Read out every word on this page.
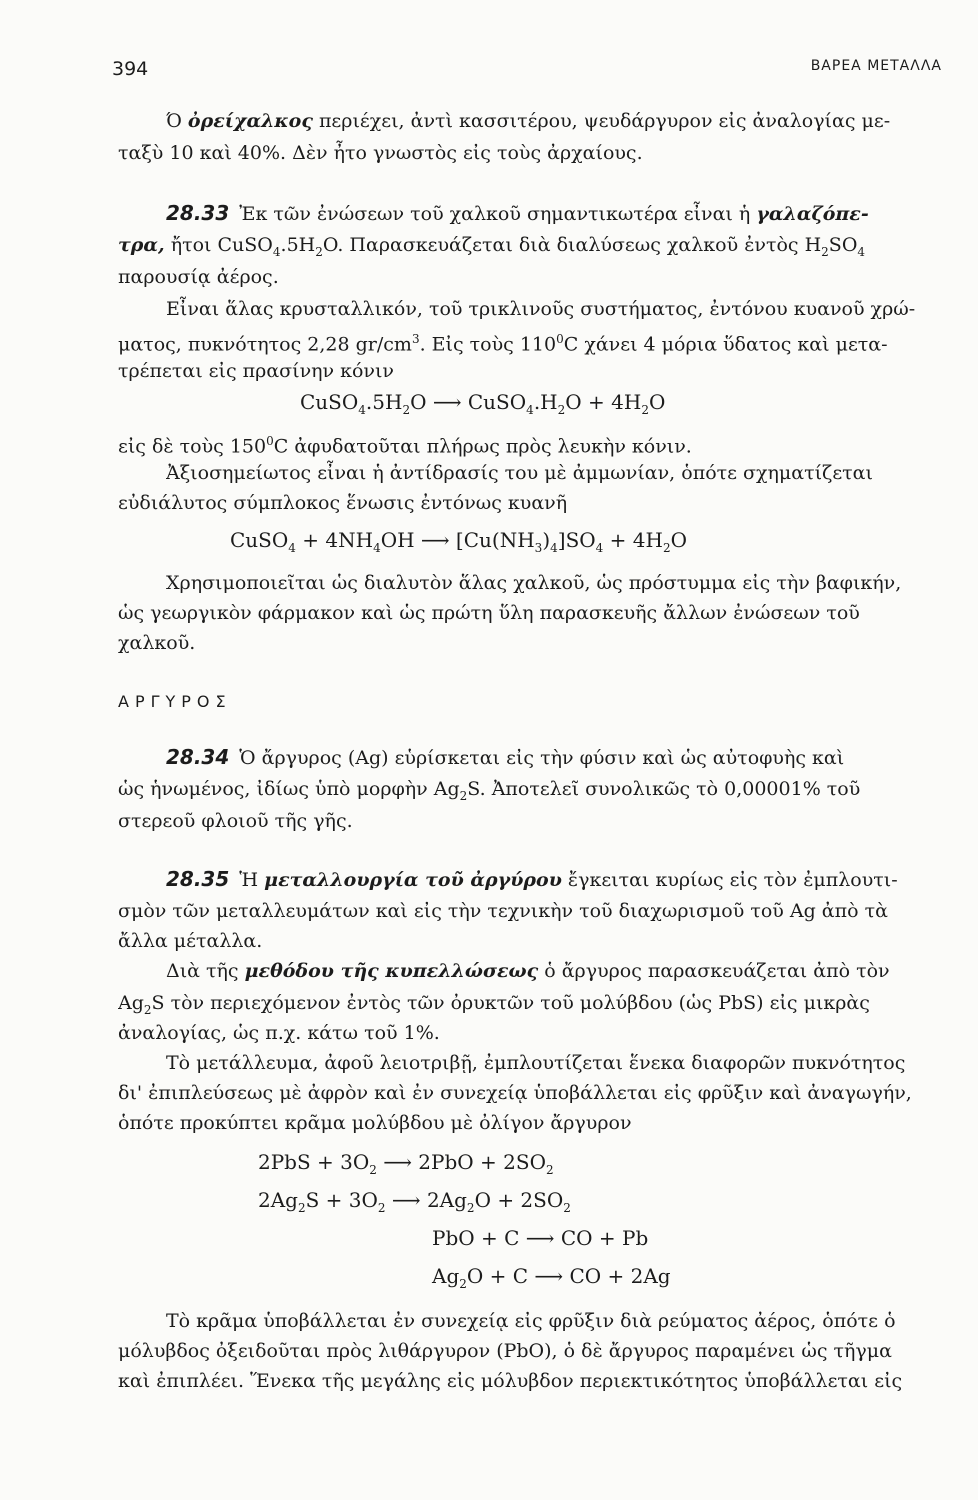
394	ΒΑΡΕΑ ΜΕΤΑΛΛΑ
Ό ὀρείχαλκος περιέχει, ἀντὶ κασσιτέρου, ψευδάργυρον εἰς ἀναλογίας με-
ταξὺ 10 καὶ 40%. Δὲν ἦτο γνωστὸς εἰς τοὺς ἀρχαίους.
28.33 Ἐκ τῶν ἐνώσεων τοῦ χαλκοῦ σημαντικωτέρα εἶναι ἡ γαλαζόπε-
τρα, ἤτοι $CuSO_4.5H_2O$. Παρασκευάζεται διὰ διαλύσεως χαλκοῦ ἐντὸς $H_2SO_4$
παρουσίᾳ ἀέρος.
Εἶναι ἅλας κρυσταλλικόν, τοῦ τρικλινοῦς συστήματος, ἐντόνου κυανοῦ χρώ-
ματος, πυκνότητος 2,28 $gr/cm^3$. Εἰς τοὺς $110^0C$ χάνει 4 μόρια ὕδατος καὶ μετα-
τρέπεται εἰς πρασίνην κόνιν
$CuSO_4.5H_2O$ ⟶ $CuSO_4.H_2O + 4H_2O$
εἰς δὲ τοὺς $150^0C$ ἀφυδατοῦται πλήρως πρὸς λευκὴν κόνιν.
Ἀξιοσημείωτος εἶναι ἡ ἀντίδρασίς του μὲ ἀμμωνίαν, ὁπότε σχηματίζεται
εὐδιάλυτος σύμπλοκος ἕνωσις ἐντόνως κυανῆ
CuSO$_4$ + $4NH_4OH$ ⟶ $[Cu(NH_3)_4]SO_4 + 4H_2O$
Χρησιμοποιεῖται ὡς διαλυτὸν ἅλας χαλκοῦ, ὡς πρόστυμμα εἰς τὴν βαφικήν,
ὡς γεωργικὸν φάρμακον καὶ ὡς πρώτη ὕλη παρασκευῆς ἄλλων ἐνώσεων τοῦ
χαλκοῦ.
ΑΡΓΥΡΟΣ
28.34 Ὁ ἄργυρος (Ag) εὑρίσκεται εἰς τὴν φύσιν καὶ ὡς αὐτοφυὴς καὶ
ὡς ἡνωμένος, ἰδίως ὑπὸ μορφὴν $Ag_2S$. Ἀποτελεῖ συνολικῶς τὸ 0,00001% τοῦ
στερεοῦ φλοιοῦ τῆς γῆς.
28.35 Ἡ μεταλλουργία τοῦ ἀργύρου ἔγκειται κυρίως εἰς τὸν ἐμπλουτι-
σμὸν τῶν μεταλλευμάτων καὶ εἰς τὴν τεχνικὴν τοῦ διαχωρισμοῦ τοῦ Ag ἀπὸ τὰ
ἄλλα μέταλλα.
Διὰ τῆς μεθόδου τῆς κυπελλώσεως ὁ ἄργυρος παρασκευάζεται ἀπὸ τὸν
$Ag_2S$ τὸν περιεχόμενον ἐντὸς τῶν ὀρυκτῶν τοῦ μολύβδου (ὡς PbS) εἰς μικρὰς
ἀναλογίας, ὡς π.χ. κάτω τοῦ 1%.
Τὸ μετάλλευμα, ἀφοῦ λειοτριβῇ, ἐμπλουτίζεται ἕνεκα διαφορῶν πυκνότητος
δι' ἐπιπλεύσεως μὲ ἀφρὸν καὶ ἐν συνεχείᾳ ὑποβάλλεται εἰς φρῦξιν καὶ ἀναγωγήν,
ὁπότε προκύπτει κρᾶμα μολύβδου μὲ ὀλίγον ἄργυρον
$2PbS + 3O_2$ ⟶ $2PbO + 2SO_2$
$2Ag_2S + 3O_2$ ⟶ $2Ag_2O + 2SO_2$
PbO + C ⟶ CO + Pb
$Ag_2O + C$ ⟶ CO + 2Ag
Τὸ κρᾶμα ὑποβάλλεται ἐν συνεχείᾳ εἰς φρῦξιν διὰ ρεύματος ἀέρος, ὁπότε ὁ
μόλυβδος ὀξειδοῦται πρὸς λιθάργυρον (PbO), ὁ δὲ ἄργυρος παραμένει ὡς τῆγμα
καὶ ἐπιπλέει. Ἕνεκα τῆς μεγάλης εἰς μόλυβδον περιεκτικότητος ὑποβάλλεται εἰς
